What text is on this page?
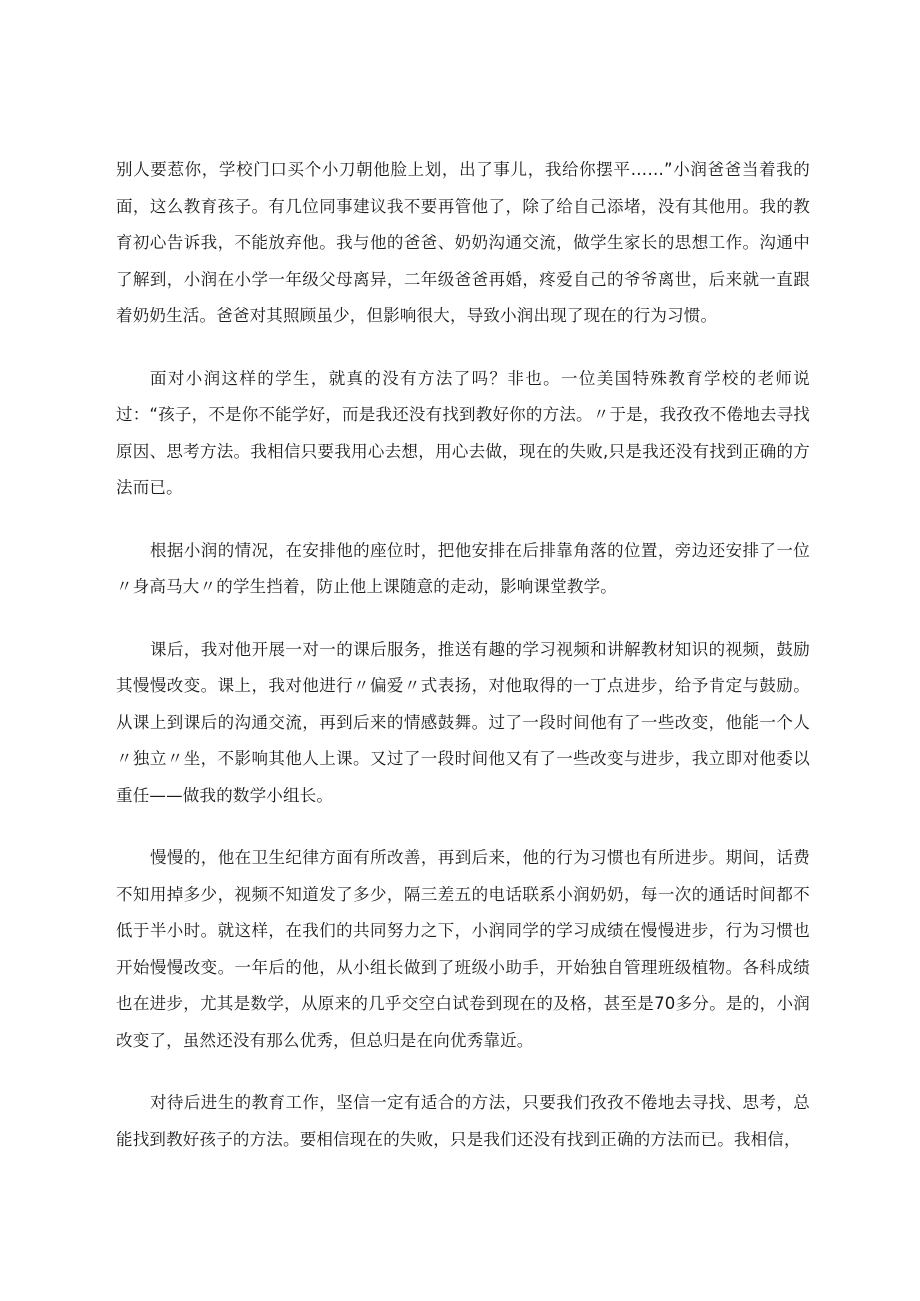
别人要惹你，学校门口买个小刀朝他脸上划，出了事儿，我给你摆平……”小润爸爸当着我的面，这么教育孩子。有几位同事建议我不要再管他了，除了给自己添堵，没有其他用。我的教育初心告诉我，不能放弃他。我与他的爸爸、奶奶沟通交流，做学生家长的思想工作。沟通中了解到，小润在小学一年级父母离异，二年级爸爸再婚，疼爱自己的爷爷离世，后来就一直跟着奶奶生活。爸爸对其照顾虽少，但影响很大，导致小润出现了现在的行为习惯。

面对小润这样的学生，就真的没有方法了吗？非也。一位美国特殊教育学校的老师说过：“孩子，不是你不能学好，而是我还没有找到教好你的方法。〃于是，我孜孜不倦地去寻找原因、思考方法。我相信只要我用心去想，用心去做，现在的失败,只是我还没有找到正确的方法而已。

根据小润的情况，在安排他的座位时，把他安排在后排靠角落的位置，旁边还安排了一位〃身高马大〃的学生挡着，防止他上课随意的走动，影响课堂教学。

课后，我对他开展一对一的课后服务，推送有趣的学习视频和讲解教材知识的视频，鼓励其慢慢改变。课上，我对他进行〃偏爱〃式表扬，对他取得的一丁点进步，给予肯定与鼓励。从课上到课后的沟通交流，再到后来的情感鼓舞。过了一段时间他有了一些改变，他能一个人〃独立〃坐，不影响其他人上课。又过了一段时间他又有了一些改变与进步，我立即对他委以重任——做我的数学小组长。

慢慢的，他在卫生纪律方面有所改善，再到后来，他的行为习惯也有所进步。期间，话费不知用掉多少，视频不知道发了多少，隔三差五的电话联系小润奶奶，每一次的通话时间都不低于半小时。就这样，在我们的共同努力之下，小润同学的学习成绩在慢慢进步，行为习惯也开始慢慢改变。一年后的他，从小组长做到了班级小助手，开始独自管理班级植物。各科成绩也在进步，尤其是数学，从原来的几乎交空白试卷到现在的及格，甚至是70多分。是的，小润改变了，虽然还没有那么优秀，但总归是在向优秀靠近。

对待后进生的教育工作，坚信一定有适合的方法，只要我们孜孜不倦地去寻找、思考，总能找到教好孩子的方法。要相信现在的失败，只是我们还没有找到正确的方法而已。我相信，
